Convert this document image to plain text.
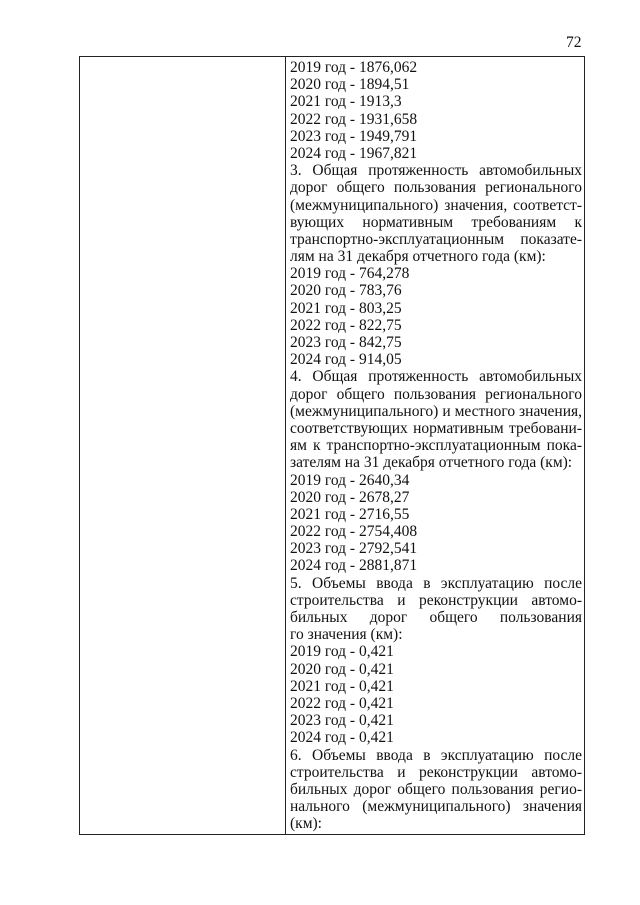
72
2019 год - 1876,062
2020 год - 1894,51
2021 год - 1913,3
2022 год - 1931,658
2023 год - 1949,791
2024 год - 1967,821
3. Общая протяженность автомобильных
дорог общего пользования регионального
(межмуниципального) значения, соответст-
вующих нормативным требованиям к
транспортно-эксплуатационным показате-
лям на 31 декабря отчетного года (км):
2019 год - 764,278
2020 год - 783,76
2021 год - 803,25
2022 год - 822,75
2023 год - 842,75
2024 год - 914,05
4. Общая протяженность автомобильных
дорог общего пользования регионального
(межмуниципального) и местного значения,
соответствующих нормативным требовани-
ям к транспортно-эксплуатационным пока-
зателям на 31 декабря отчетного года (км):
2019 год - 2640,34
2020 год - 2678,27
2021 год - 2716,55
2022 год - 2754,408
2023 год - 2792,541
2024 год - 2881,871
5. Объемы ввода в эксплуатацию после
строительства и реконструкции автомо-
бильных дорог общего пользования
го значения (км):
2019 год - 0,421
2020 год - 0,421
2021 год - 0,421
2022 год - 0,421
2023 год - 0,421
2024 год - 0,421
6. Объемы ввода в эксплуатацию после
строительства и реконструкции автомо-
бильных дорог общего пользования регио-
нального (межмуниципального) значения
(км):
